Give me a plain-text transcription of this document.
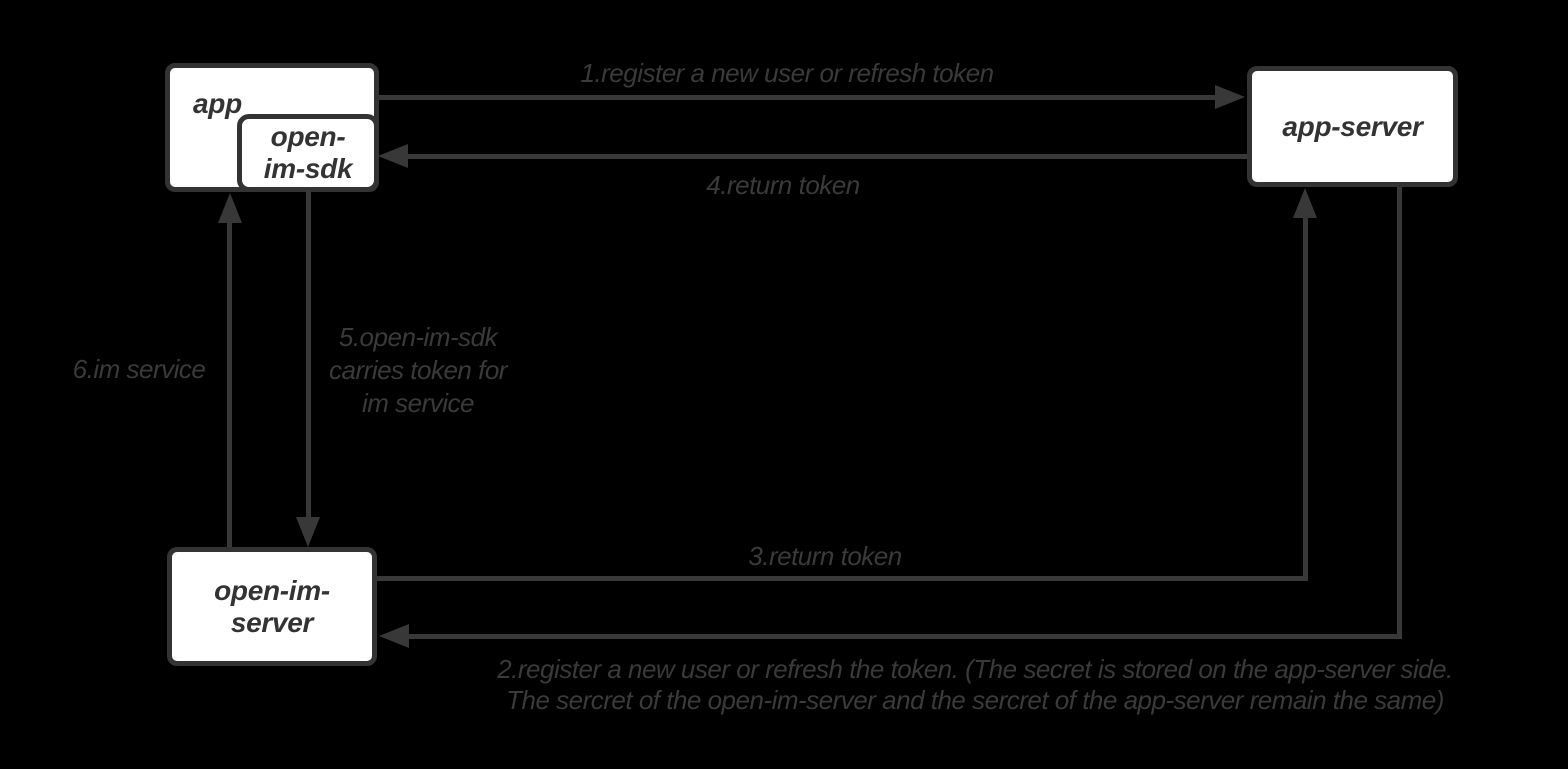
app
open-
im-sdk
app-server
open-im-
server
1.register a new user or refresh token
4.return token
5.open-im-sdk
carries token for
im service
6.im service
3.return token
2.register a new user or refresh the token. (The secret is stored on the app-server side.
The sercret of the open-im-server and the sercret of the app-server remain the same)
